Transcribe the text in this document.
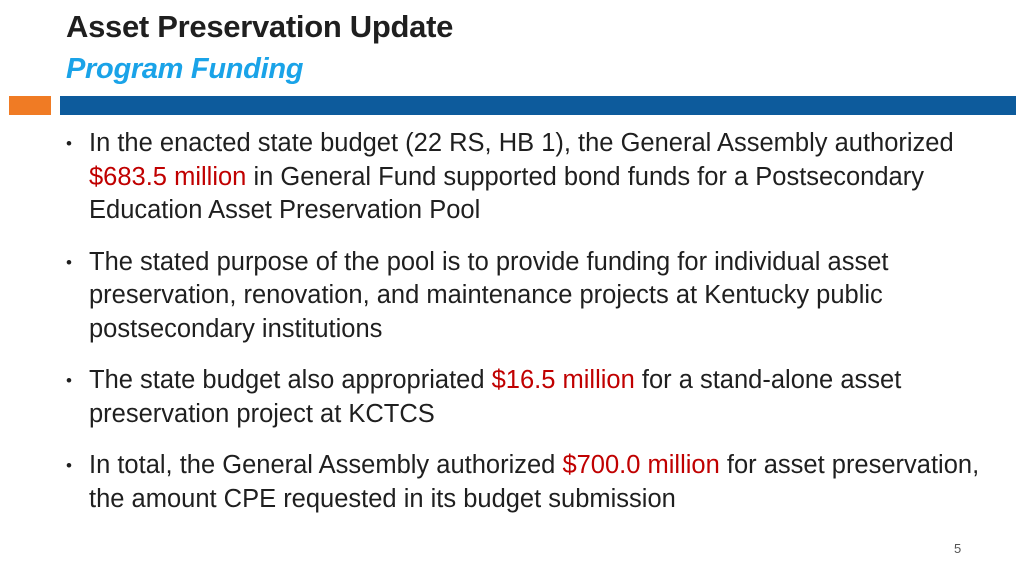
Asset Preservation Update
Program Funding
• In the enacted state budget (22 RS, HB 1), the General Assembly authorized $683.5 million in General Fund supported bond funds for a Postsecondary Education Asset Preservation Pool
• The stated purpose of the pool is to provide funding for individual asset preservation, renovation, and maintenance projects at Kentucky public postsecondary institutions
• The state budget also appropriated $16.5 million for a stand-alone asset preservation project at KCTCS
• In total, the General Assembly authorized $700.0 million for asset preservation, the amount CPE requested in its budget submission
5
